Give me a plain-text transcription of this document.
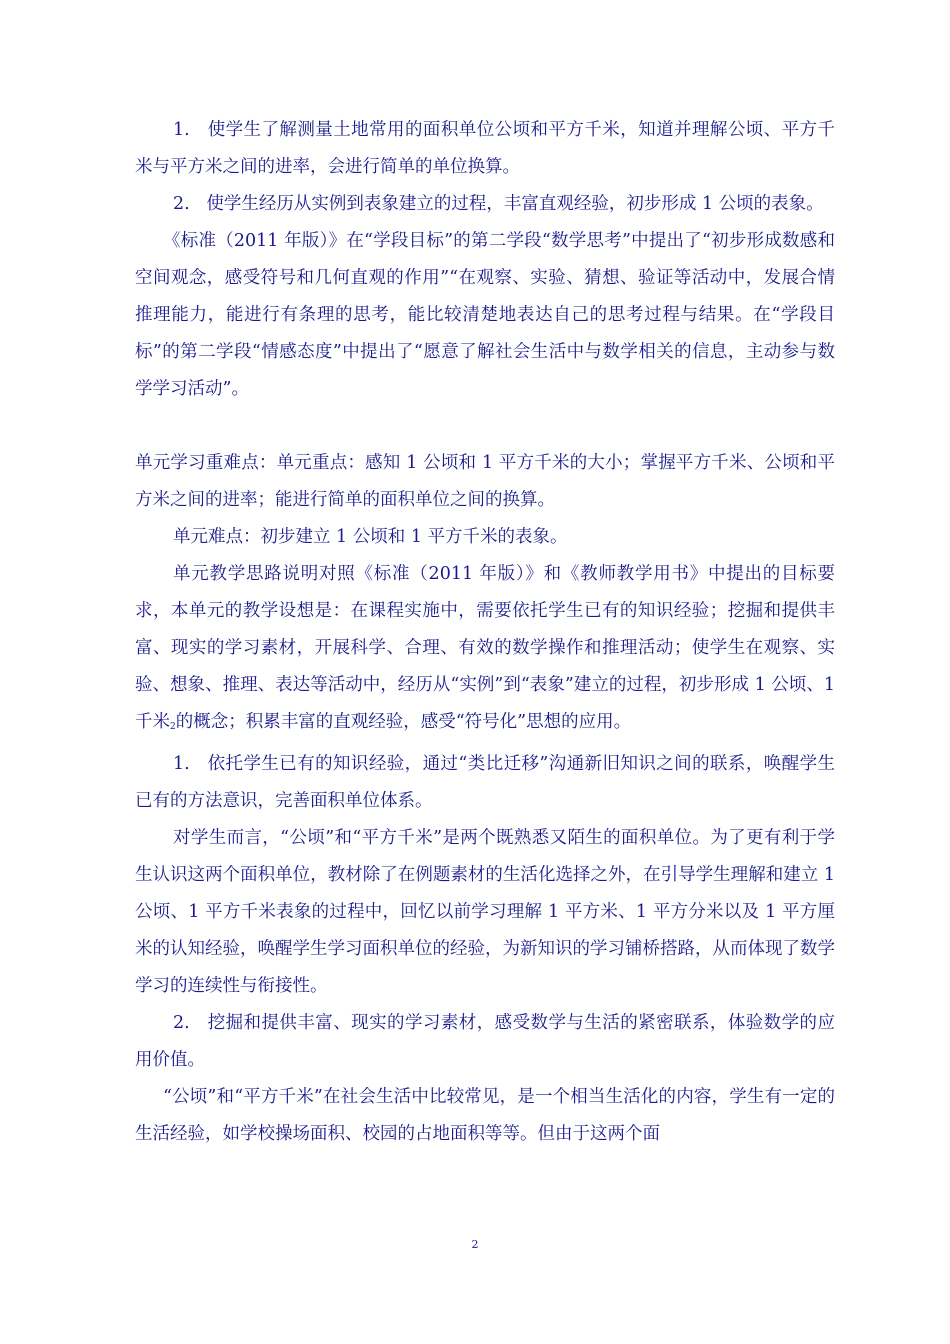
1.   使学生了解测量土地常用的面积单位公顷和平方千米，知道并理解公顷、平方千米与平方米之间的进率，会进行简单的单位换算。

2.   使学生经历从实例到表象建立的过程，丰富直观经验，初步形成 1 公顷的表象。

《标准（2011 年版）》在“学段目标”的第二学段“数学思考”中提出了“初步形成数感和空间观念，感受符号和几何直观的作用”“在观察、实验、猜想、验证等活动中，发展合情推理能力，能进行有条理的思考，能比较清楚地表达自己的思考过程与结果。在“学段目标”的第二学段“情感态度”中提出了“愿意了解社会生活中与数学相关的信息，主动参与数学学习活动”。

单元学习重难点：单元重点：感知 1 公顷和 1 平方千米的大小；掌握平方千米、公顷和平方米之间的进率；能进行简单的面积单位之间的换算。

单元难点：初步建立 1 公顷和 1 平方千米的表象。

单元教学思路说明对照《标准（2011 年版）》和《教师教学用书》中提出的目标要求，本单元的教学设想是：在课程实施中，需要依托学生已有的知识经验；挖掘和提供丰富、现实的学习素材，开展科学、合理、有效的数学操作和推理活动；使学生在观察、实验、想象、推理、表达等活动中，经历从“实例”到“表象”建立的过程，初步形成 1 公顷、1 千米$_2$的概念；积累丰富的直观经验，感受“符号化”思想的应用。

1.   依托学生已有的知识经验，通过“类比迁移”沟通新旧知识之间的联系，唤醒学生已有的方法意识，完善面积单位体系。

对学生而言，“公顷”和“平方千米”是两个既熟悉又陌生的面积单位。为了更有利于学生认识这两个面积单位，教材除了在例题素材的生活化选择之外，在引导学生理解和建立 1 公顷、1 平方千米表象的过程中，回忆以前学习理解 1 平方米、1 平方分米以及 1 平方厘米的认知经验，唤醒学生学习面积单位的经验，为新知识的学习铺桥搭路，从而体现了数学学习的连续性与衔接性。

2.   挖掘和提供丰富、现实的学习素材，感受数学与生活的紧密联系，体验数学的应用价值。

“公顷”和“平方千米”在社会生活中比较常见，是一个相当生活化的内容，学生有一定的生活经验，如学校操场面积、校园的占地面积等等。但由于这两个面

2
